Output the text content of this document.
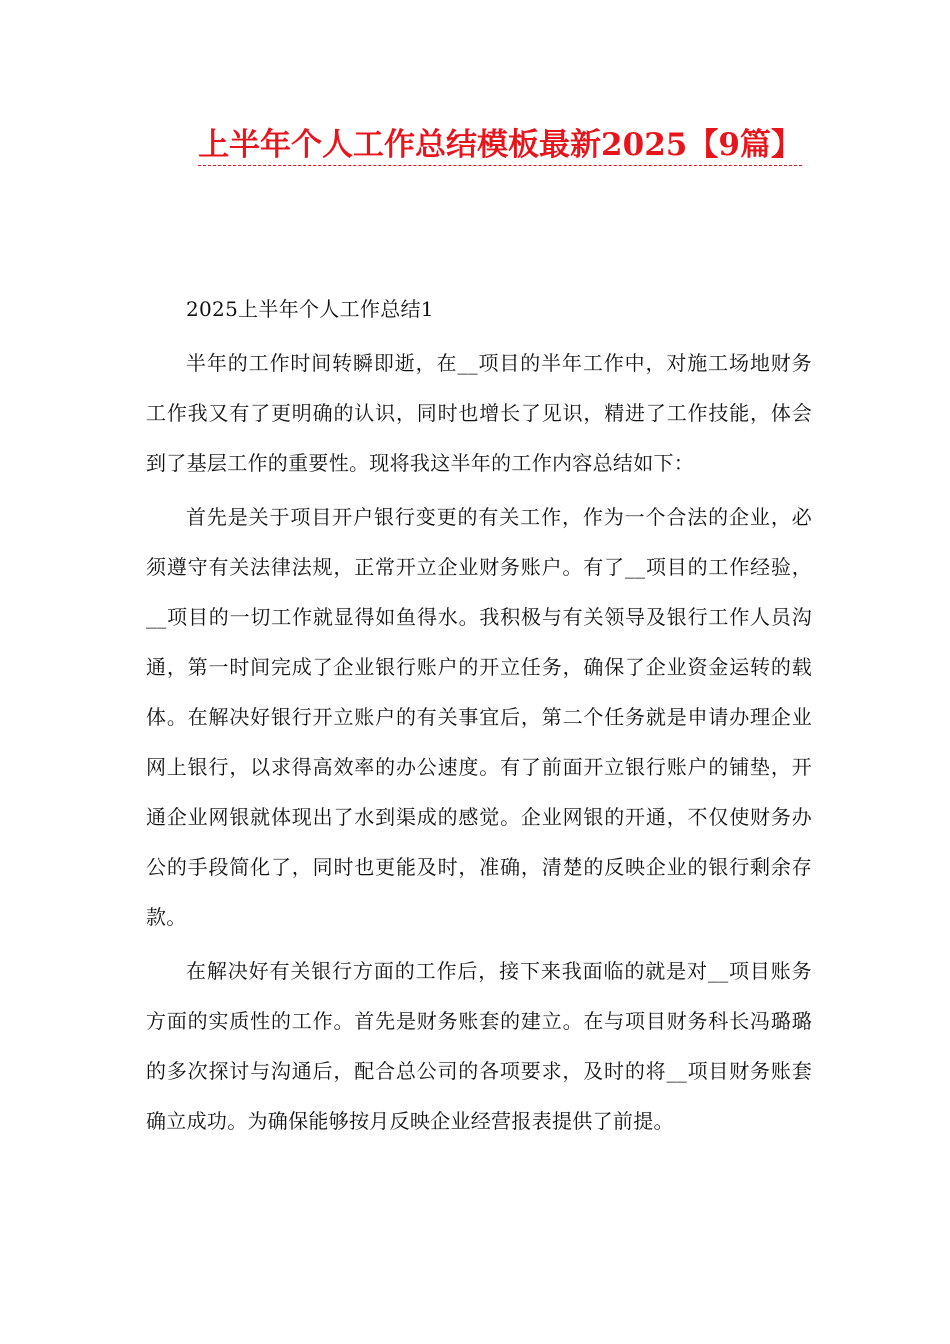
上半年个人工作总结模板最新2025【9篇】

2025上半年个人工作总结1

半年的工作时间转瞬即逝，在__项目的半年工作中，对施工场地财务工作我又有了更明确的认识，同时也增长了见识，精进了工作技能，体会到了基层工作的重要性。现将我这半年的工作内容总结如下：

首先是关于项目开户银行变更的有关工作，作为一个合法的企业，必须遵守有关法律法规，正常开立企业财务账户。有了__项目的工作经验，__项目的一切工作就显得如鱼得水。我积极与有关领导及银行工作人员沟通，第一时间完成了企业银行账户的开立任务，确保了企业资金运转的载体。在解决好银行开立账户的有关事宜后，第二个任务就是申请办理企业网上银行，以求得高效率的办公速度。有了前面开立银行账户的铺垫，开通企业网银就体现出了水到渠成的感觉。企业网银的开通，不仅使财务办公的手段简化了，同时也更能及时，准确，清楚的反映企业的银行剩余存款。

在解决好有关银行方面的工作后，接下来我面临的就是对__项目账务方面的实质性的工作。首先是财务账套的建立。在与项目财务科长冯璐璐的多次探讨与沟通后，配合总公司的各项要求，及时的将__项目财务账套确立成功。为确保能够按月反映企业经营报表提供了前提。
